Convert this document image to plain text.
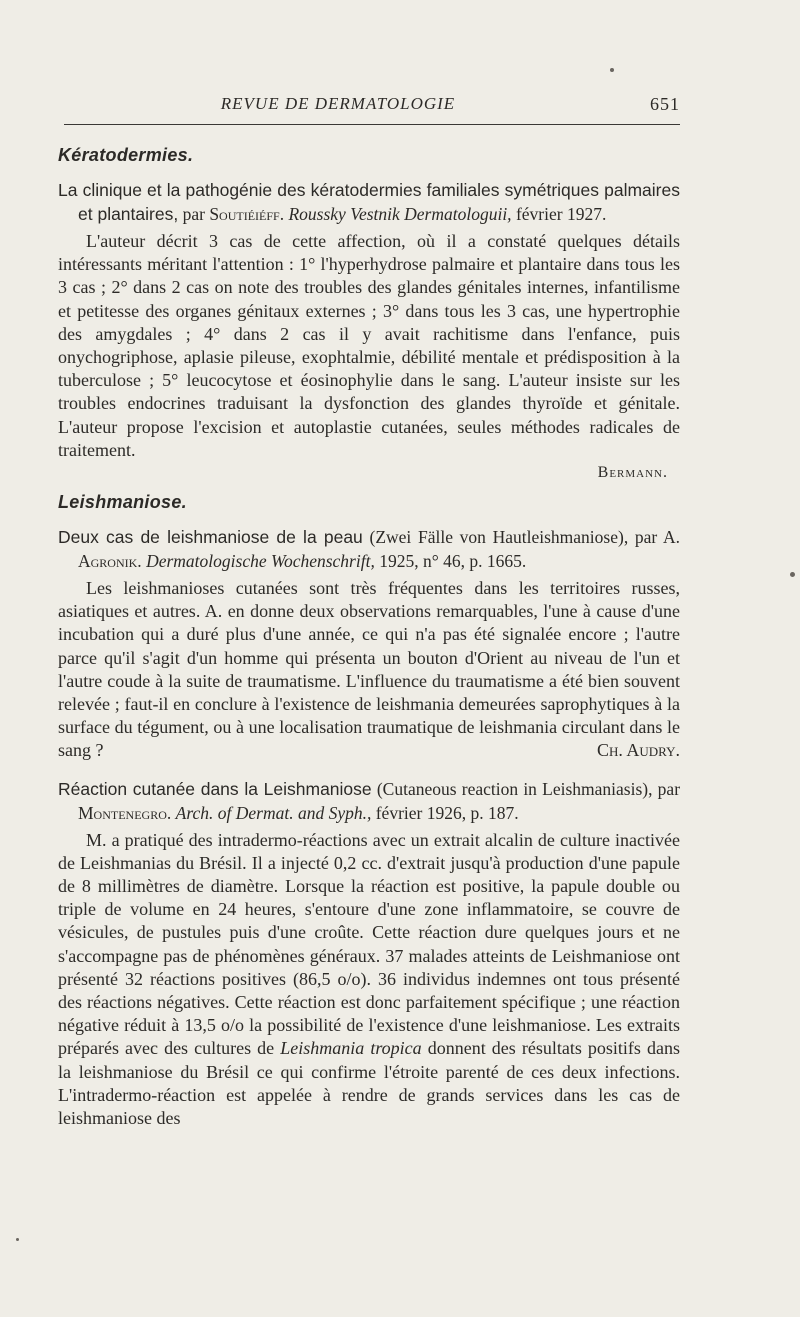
REVUE DE DERMATOLOGIE	651
Kératodermies.
La clinique et la pathogénie des kératodermies familiales symétriques palmaires et plantaires, par Soutiéiéff. Roussky Vestnik Dermatologuii, février 1927.

L'auteur décrit 3 cas de cette affection, où il a constaté quelques détails intéressants méritant l'attention : 1° l'hyperhydrose palmaire et plantaire dans tous les 3 cas ; 2° dans 2 cas on note des troubles des glandes génitales internes, infantilisme et petitesse des organes génitaux externes ; 3° dans tous les 3 cas, une hypertrophie des amygdales ; 4° dans 2 cas il y avait rachitisme dans l'enfance, puis onychogriphose, aplasie pileuse, exophtalmie, débilité mentale et prédisposition à la tuberculose ; 5° leucocytose et éosinophylie dans le sang. L'auteur insiste sur les troubles endocrines traduisant la dysfonction des glandes thyroïde et génitale. L'auteur propose l'excision et autoplastie cutanées, seules méthodes radicales de traitement.

Bermann.
Leishmaniose.
Deux cas de leishmaniose de la peau (Zwei Fälle von Hautleishmaniose), par A. Agronik. Dermatologische Wochenschrift, 1925, n° 46, p. 1665.

Les leishmanioses cutanées sont très fréquentes dans les territoires russes, asiatiques et autres. A. en donne deux observations remarquables, l'une à cause d'une incubation qui a duré plus d'une année, ce qui n'a pas été signalée encore ; l'autre parce qu'il s'agit d'un homme qui présenta un bouton d'Orient au niveau de l'un et l'autre coude à la suite de traumatisme. L'influence du traumatisme a été bien souvent relevée ; faut-il en conclure à l'existence de leishmania demeurées saprophytiques à la surface du tégument, ou à une localisation traumatique de leishmania circulant dans le sang ?	Ch. Audry.

Réaction cutanée dans la Leishmaniose (Cutaneous reaction in Leishmaniasis), par Montenegro. Arch. of Dermat. and Syph., février 1926, p. 187.

M. a pratiqué des intradermo-réactions avec un extrait alcalin de culture inactivée de Leishmanias du Brésil. Il a injecté 0,2 cc. d'extrait jusqu'à production d'une papule de 8 millimètres de diamètre. Lorsque la réaction est positive, la papule double ou triple de volume en 24 heures, s'entoure d'une zone inflammatoire, se couvre de vésicules, de pustules puis d'une croûte. Cette réaction dure quelques jours et ne s'accompagne pas de phénomènes généraux. 37 malades atteints de Leishmaniose ont présenté 32 réactions positives (86,5 o/o). 36 individus indemnes ont tous présenté des réactions négatives. Cette réaction est donc parfaitement spécifique ; une réaction négative réduit à 13,5 o/o la possibilité de l'existence d'une leishmaniose. Les extraits préparés avec des cultures de Leishmania tropica donnent des résultats positifs dans la leishmaniose du Brésil ce qui confirme l'étroite parenté de ces deux infections. L'intradermo-réaction est appelée à rendre de grands services dans les cas de leishmaniose des
